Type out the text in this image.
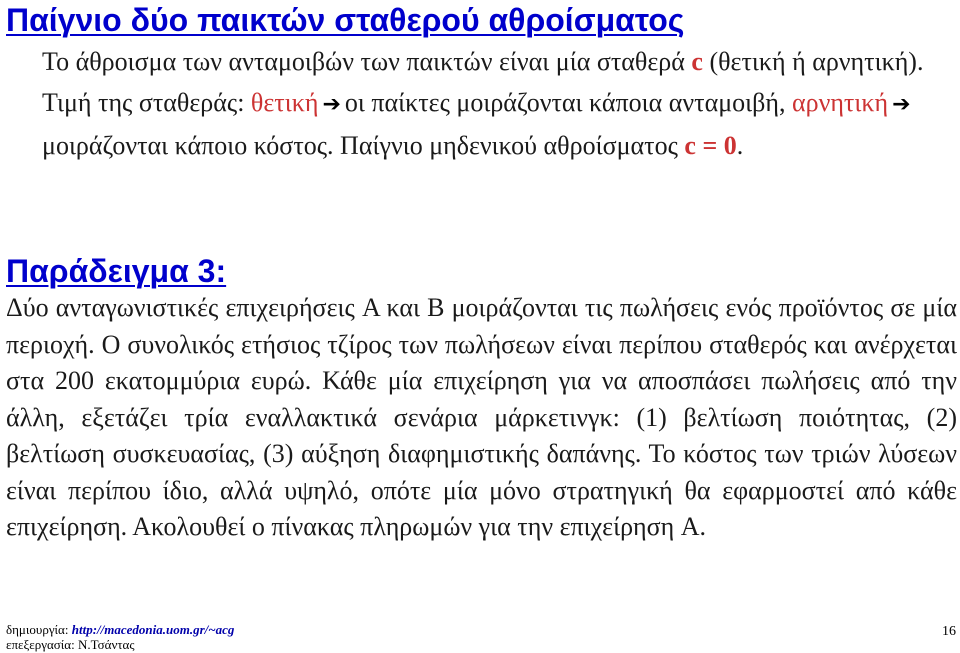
Παίγνιο δύο παικτών σταθερού αθροίσματος

Το άθροισμα των ανταμοιβών των παικτών είναι μία σταθερά c (θετική ή αρνητική). Τιμή της σταθεράς: θετική ➔ οι παίκτες μοιράζονται κάποια ανταμοιβή, αρνητική ➔μοιράζονται κάποιο κόστος. Παίγνιο μηδενικού αθροίσματος c = 0.

Παράδειγμα 3:

Δύο ανταγωνιστικές επιχειρήσεις A και B μοιράζονται τις πωλήσεις ενός προϊόντος σε μία περιοχή. Ο συνολικός ετήσιος τζίρος των πωλήσεων είναι περίπου σταθερός και ανέρχεται στα 200 εκατομμύρια ευρώ. Κάθε μία επιχείρηση για να αποσπάσει πωλήσεις από την άλλη, εξετάζει τρία εναλλακτικά σενάρια μάρκετινγκ: (1) βελτίωση ποιότητας, (2) βελτίωση συσκευασίας, (3) αύξηση διαφημιστικής δαπάνης. Το κόστος των τριών λύσεων είναι περίπου ίδιο, αλλά υψηλό, οπότε μία μόνο στρατηγική θα εφαρμοστεί από κάθε επιχείρηση. Ακολουθεί ο πίνακας πληρωμών για την επιχείρηση A.

δημιουργία: http://macedonia.uom.gr/~acg
επεξεργασία: Ν.Τσάντας
16
